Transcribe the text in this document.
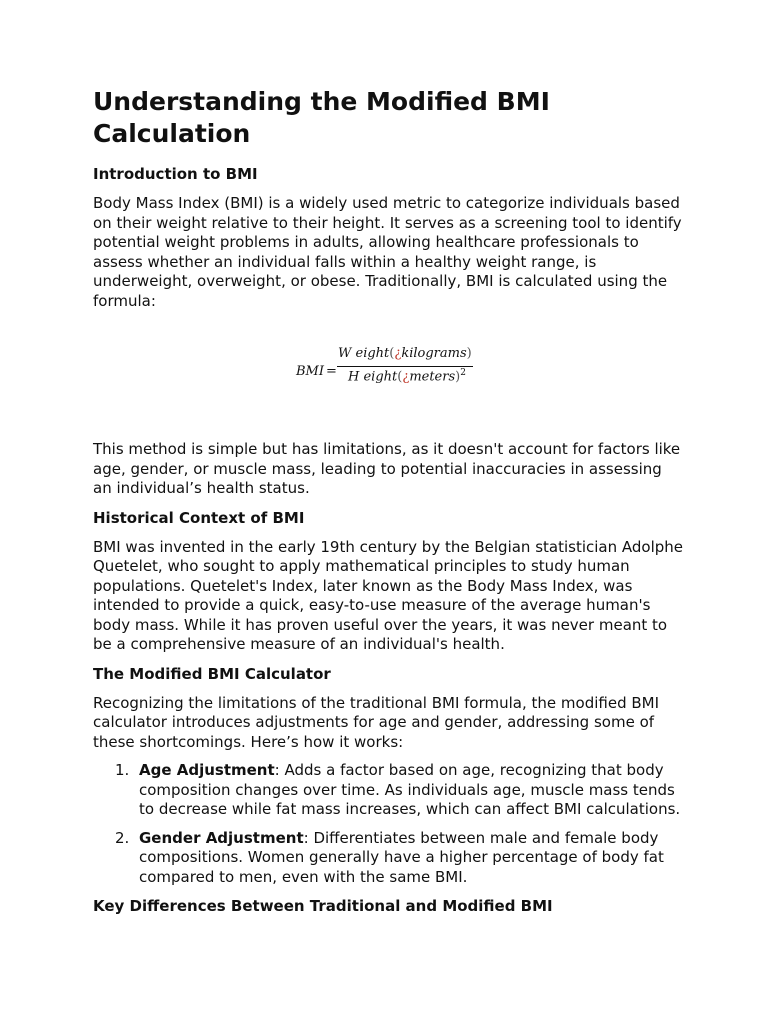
Understanding the Modified BMI Calculation
Introduction to BMI

Body Mass Index (BMI) is a widely used metric to categorize individuals based on their weight relative to their height. It serves as a screening tool to identify potential weight problems in adults, allowing healthcare professionals to assess whether an individual falls within a healthy weight range, is underweight, overweight, or obese. Traditionally, BMI is calculated using the formula:

BMI =
W eight(¿kilograms)
H eight(¿meters)$^2$

This method is simple but has limitations, as it doesn't account for factors like age, gender, or muscle mass, leading to potential inaccuracies in assessing an individual’s health status.

Historical Context of BMI

BMI was invented in the early 19th century by the Belgian statistician Adolphe Quetelet, who sought to apply mathematical principles to study human populations. Quetelet's Index, later known as the Body Mass Index, was intended to provide a quick, easy-to-use measure of the average human's body mass. While it has proven useful over the years, it was never meant to be a comprehensive measure of an individual's health.

The Modified BMI Calculator

Recognizing the limitations of the traditional BMI formula, the modified BMI calculator introduces adjustments for age and gender, addressing some of these shortcomings. Here’s how it works:

1. Age Adjustment: Adds a factor based on age, recognizing that body composition changes over time. As individuals age, muscle mass tends to decrease while fat mass increases, which can affect BMI calculations.
2. Gender Adjustment: Differentiates between male and female body compositions. Women generally have a higher percentage of body fat compared to men, even with the same BMI.
Key Differences Between Traditional and Modified BMI
